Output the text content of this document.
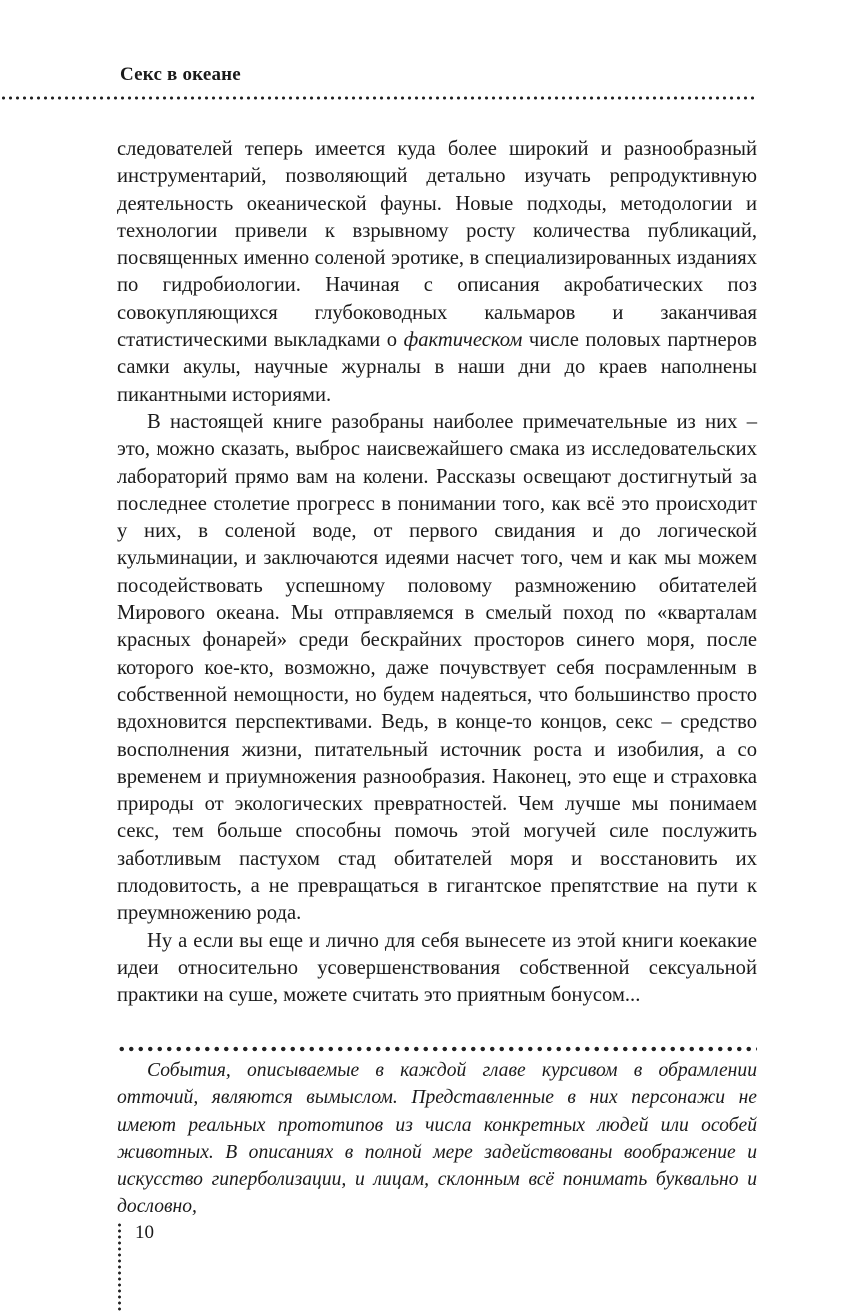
Секс в океане

следователей теперь имеется куда более широкий и разнообразный инструментарий, позволяющий детально изучать репродуктивную деятельность океанической фауны. Новые подходы, методологии и технологии привели к взрывному росту количества публикаций, посвященных именно соленой эротике, в специализированных изданиях по гидробиологии. Начиная с описания акробатических поз совокупляющихся глубоководных кальмаров и заканчивая статистическими выкладками о фактическом числе половых партнеров самки акулы, научные журналы в наши дни до краев наполнены пикантными историями.

В настоящей книге разобраны наиболее примечательные из них – это, можно сказать, выброс наисвежайшего смака из исследовательских лабораторий прямо вам на колени. Рассказы освещают достигнутый за последнее столетие прогресс в понимании того, как всё это происходит у них, в соленой воде, от первого свидания и до логической кульминации, и заключаются идеями насчет того, чем и как мы можем посодействовать успешному половому размножению обитателей Мирового океана. Мы отправляемся в смелый поход по «кварталам красных фонарей» среди бескрайних просторов синего моря, после которого кое-кто, возможно, даже почувствует себя посрамленным в собственной немощности, но будем надеяться, что большинство просто вдохновится перспективами. Ведь, в конце-то концов, секс – средство восполнения жизни, питательный источник роста и изобилия, а со временем и приумножения разнообразия. Наконец, это еще и страховка природы от экологических превратностей. Чем лучше мы понимаем секс, тем больше способны помочь этой могучей силе послужить заботливым пастухом стад обитателей моря и восстановить их плодовитость, а не превращаться в гигантское препятствие на пути к преумножению рода.

Ну а если вы еще и лично для себя вынесете из этой книги коекакие идеи относительно усовершенствования собственной сексуальной практики на суше, можете считать это приятным бонусом...

События, описываемые в каждой главе курсивом в обрамлении отточий, являются вымыслом. Представленные в них персонажи не имеют реальных прототипов из числа конкретных людей или особей животных. В описаниях в полной мере задействованы воображение и искусство гиперболизации, и лицам, склонным всё понимать буквально и дословно,

10
